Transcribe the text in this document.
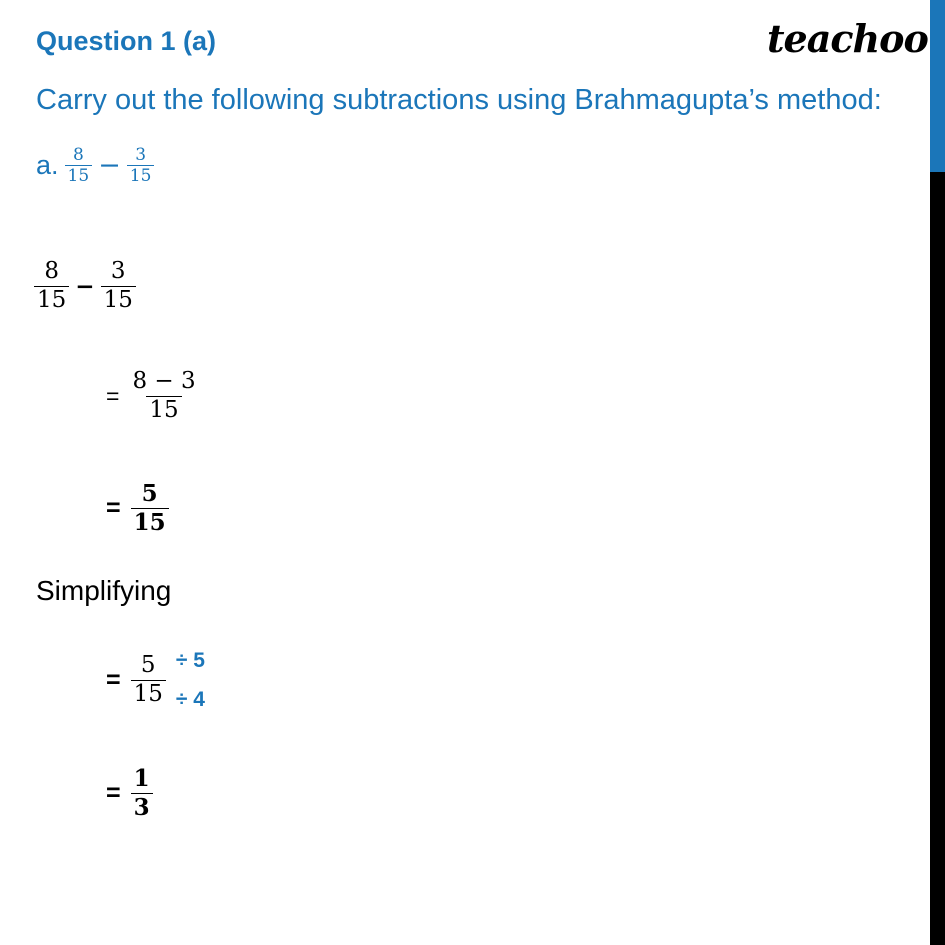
Question 1 (a)	teachoo
Carry out the following subtractions using Brahmagupta’s method:
a. $\frac{8}{15} - \frac{3}{15}$
$\frac{8}{15} - \frac{3}{15}$
= $\frac{8 - 3}{15}$
= $\frac{5}{15}$
Simplifying
= $\frac{5}{15} \div 5$
÷ 4
= $\frac{1}{3}$
